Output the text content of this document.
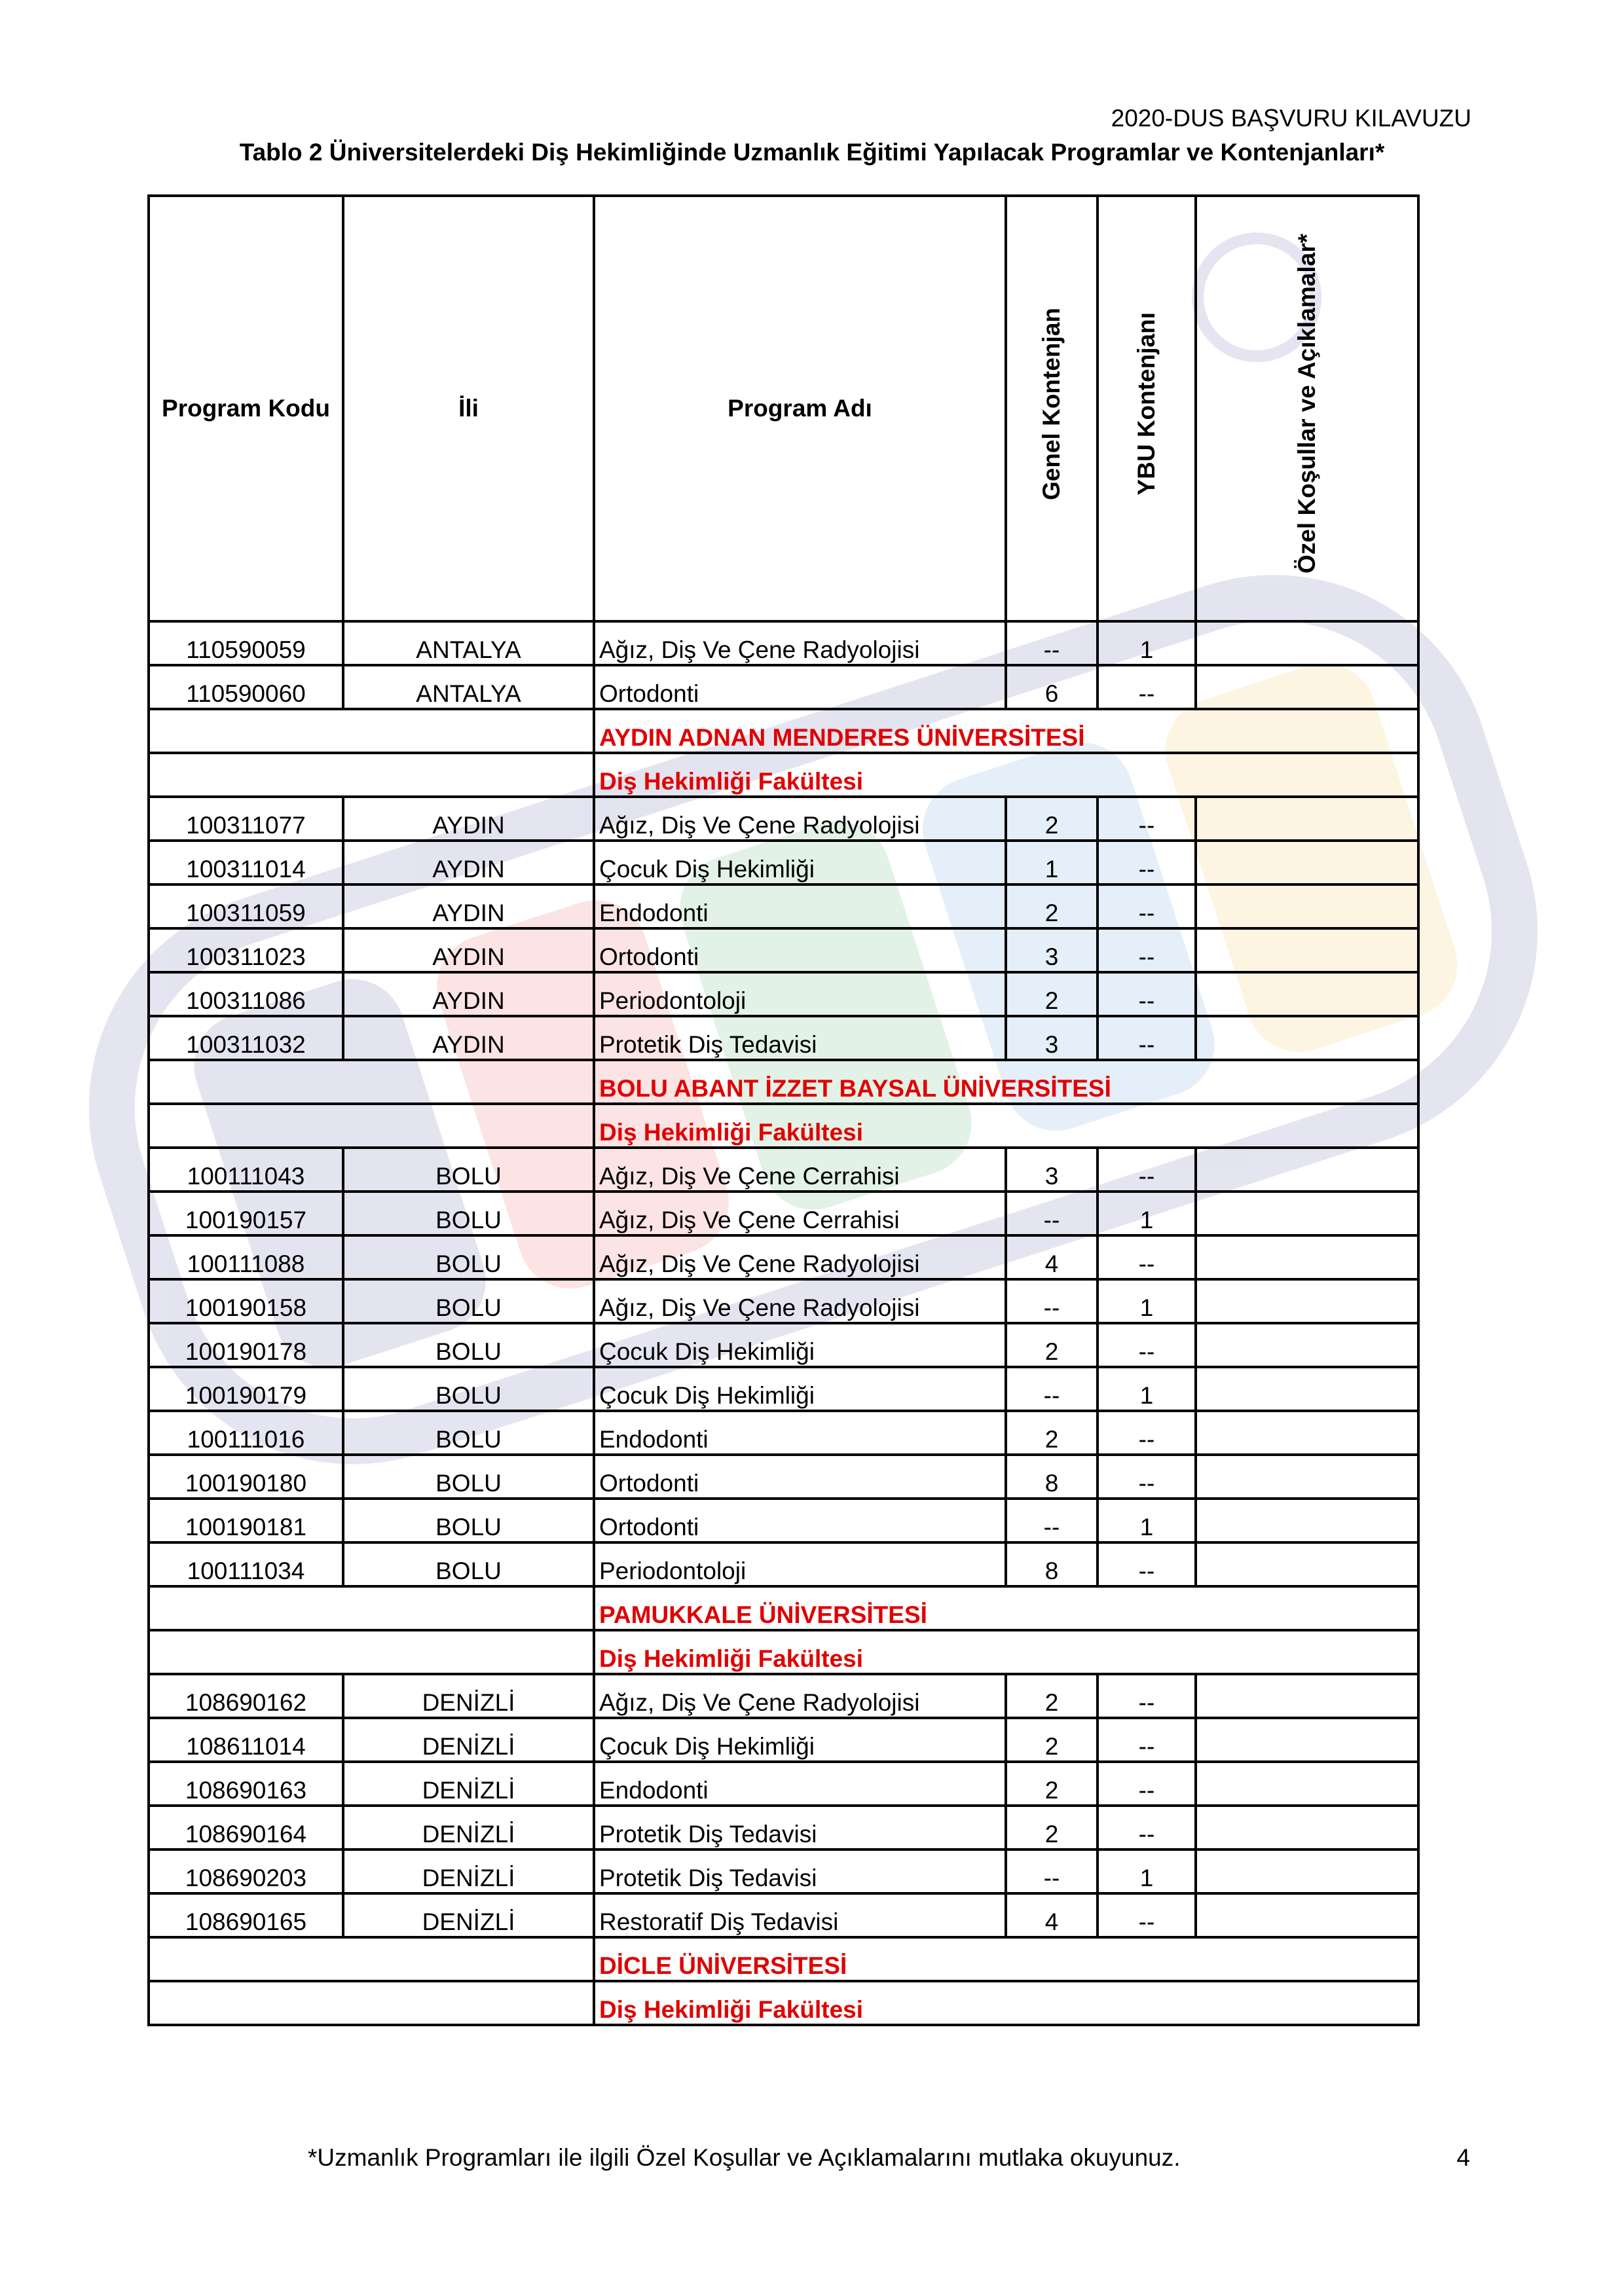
2020-DUS BAŞVURU KILAVUZU
Tablo 2 Üniversitelerdeki Diş Hekimliğinde Uzmanlık Eğitimi Yapılacak Programlar ve Kontenjanları*
Program Kodu	İli	Program Adı	Genel Kontenjan	YBU Kontenjanı	Özel Koşullar ve Açıklamalar*
110590059	ANTALYA	Ağız, Diş Ve Çene Radyolojisi	--	1	
110590060	ANTALYA	Ortodonti	6	--	
		AYDIN ADNAN MENDERES ÜNİVERSİTESİ			
		Diş Hekimliği Fakültesi			
100311077	AYDIN	Ağız, Diş Ve Çene Radyolojisi	2	--	
100311014	AYDIN	Çocuk Diş Hekimliği	1	--	
100311059	AYDIN	Endodonti	2	--	
100311023	AYDIN	Ortodonti	3	--	
100311086	AYDIN	Periodontoloji	2	--	
100311032	AYDIN	Protetik Diş Tedavisi	3	--	
		BOLU ABANT İZZET BAYSAL ÜNİVERSİTESİ			
		Diş Hekimliği Fakültesi			
100111043	BOLU	Ağız, Diş Ve Çene Cerrahisi	3	--	
100190157	BOLU	Ağız, Diş Ve Çene Cerrahisi	--	1	
100111088	BOLU	Ağız, Diş Ve Çene Radyolojisi	4	--	
100190158	BOLU	Ağız, Diş Ve Çene Radyolojisi	--	1	
100190178	BOLU	Çocuk Diş Hekimliği	2	--	
100190179	BOLU	Çocuk Diş Hekimliği	--	1	
100111016	BOLU	Endodonti	2	--	
100190180	BOLU	Ortodonti	8	--	
100190181	BOLU	Ortodonti	--	1	
100111034	BOLU	Periodontoloji	8	--	
		PAMUKKALE ÜNİVERSİTESİ			
		Diş Hekimliği Fakültesi			
108690162	DENİZLİ	Ağız, Diş Ve Çene Radyolojisi	2	--	
108611014	DENİZLİ	Çocuk Diş Hekimliği	2	--	
108690163	DENİZLİ	Endodonti	2	--	
108690164	DENİZLİ	Protetik Diş Tedavisi	2	--	
108690203	DENİZLİ	Protetik Diş Tedavisi	--	1	
108690165	DENİZLİ	Restoratif Diş Tedavisi	4	--	
		DİCLE ÜNİVERSİTESİ			
		Diş Hekimliği Fakültesi			
*Uzmanlık Programları ile ilgili Özel Koşullar ve Açıklamalarını mutlaka okuyunuz.	4
